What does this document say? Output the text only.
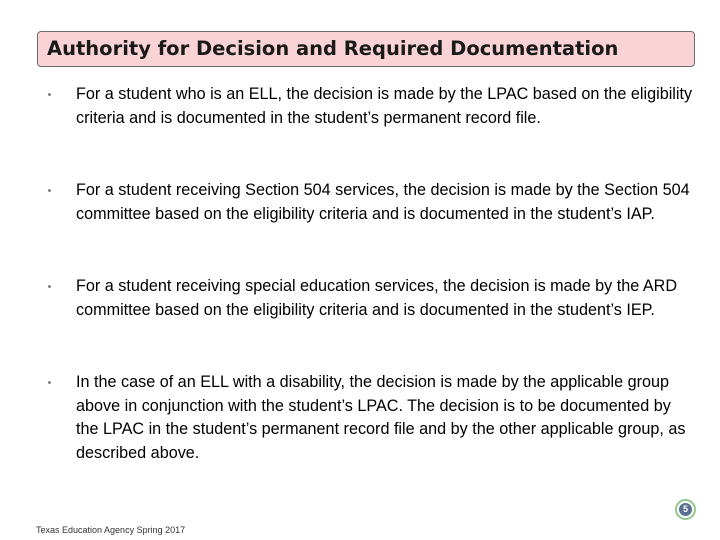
Authority for Decision and Required Documentation
For a student who is an ELL, the decision is made by the LPAC based on the eligibility criteria and is documented in the student’s permanent record file.
For a student receiving Section 504 services, the decision is made by the Section 504 committee based on the eligibility criteria and is documented in the student’s IAP.
For a student receiving special education services, the decision is made by the ARD committee based on the eligibility criteria and is documented in the student’s IEP.
In the case of an ELL with a disability, the decision is made by the applicable group above in conjunction with the student’s LPAC. The decision is to be documented by the LPAC in the student’s permanent record file and by the other applicable group, as described above.
Texas Education Agency Spring 2017
5
